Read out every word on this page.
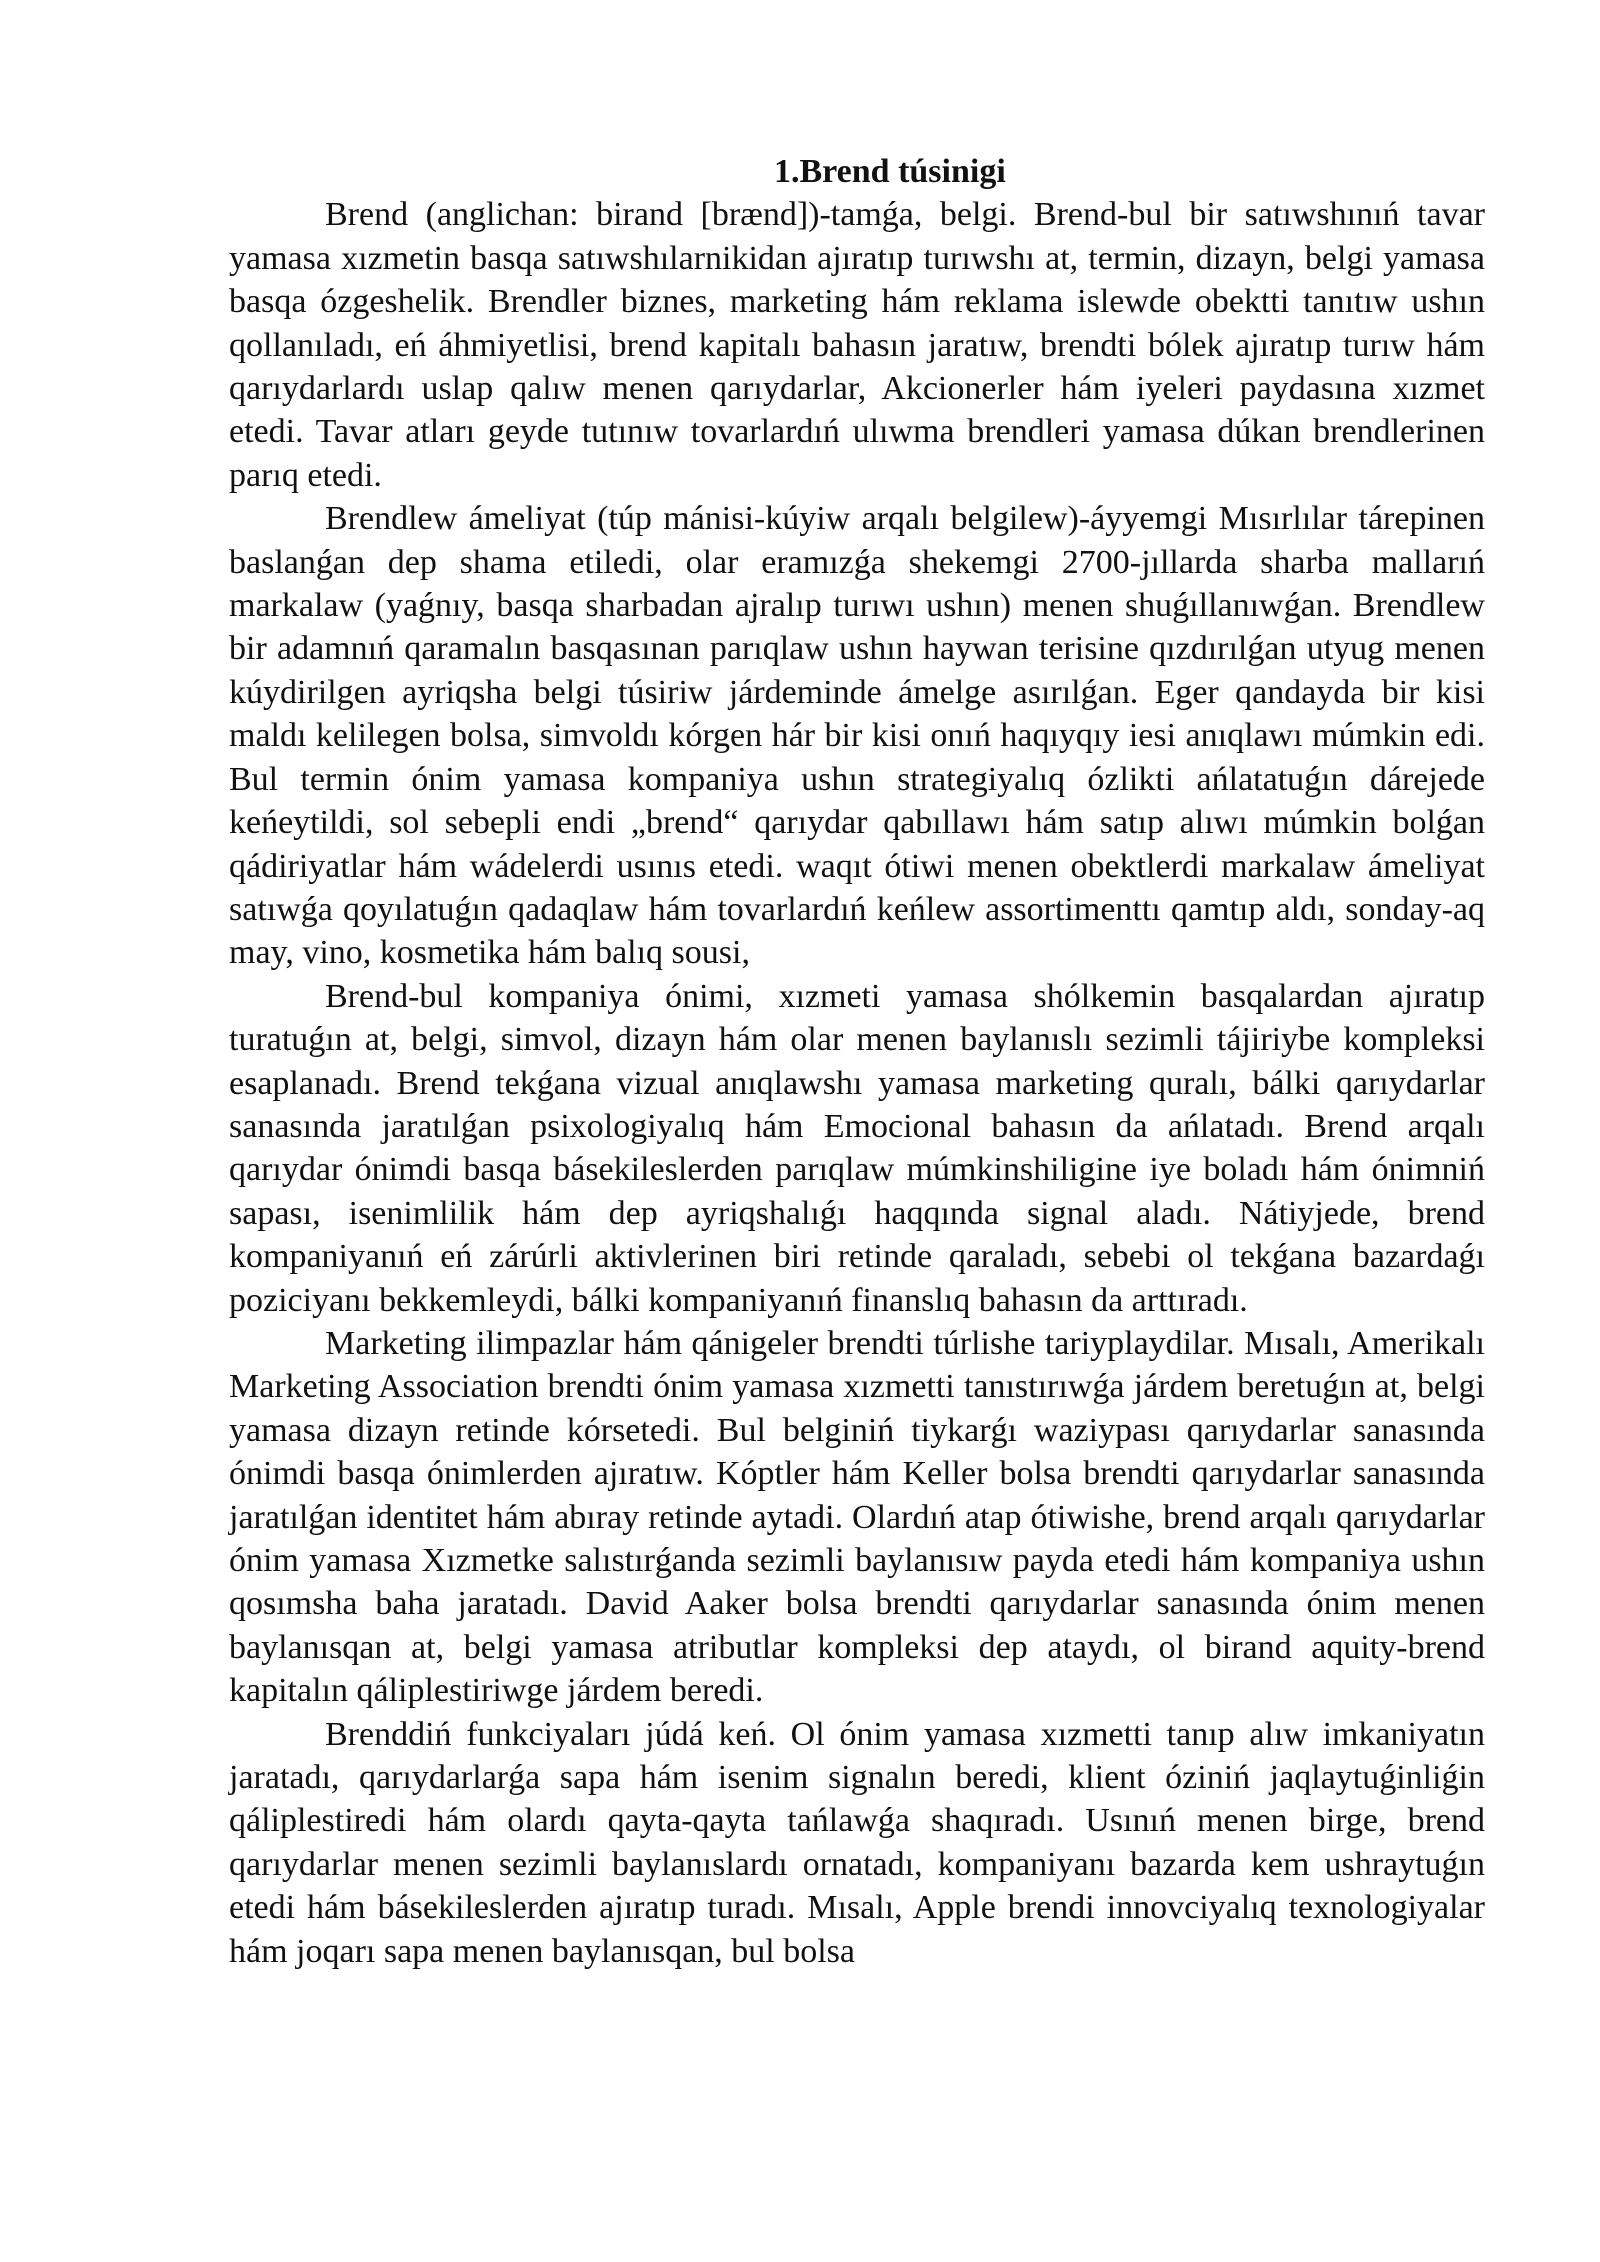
1.Brend túsinigi

Brend (anglichan: birand [brænd])-tamǵa, belgi. Brend-bul bir satıwshınıń tavar yamasa xızmetin basqa satıwshılarnikidan ajıratıp turıwshı at, termin, dizayn, belgi yamasa basqa ózgeshelik. Brendler biznes, marketing hám reklama islewde obektti tanıtıw ushın qollanıladı, eń áhmiyetlisi, brend kapitalı bahasın jaratıw, brendti bólek ajıratıp turıw hám qarıydarlardı uslap qalıw menen qarıydarlar, Akcionerler hám iyeleri paydasına xızmet etedi. Tavar atları geyde tutınıw tovarlardıń ulıwma brendleri yamasa dúkan brendlerinen parıq etedi.

Brendlew ámeliyat (túp mánisi-kúyiw arqalı belgilew)-áyyemgi Mısırlılar tárepinen baslanǵan dep shama etiledi, olar eramızǵa shekemgi 2700-jıllarda sharba mallarıń markalaw (yaǵnıy, basqa sharbadan ajralıp turıwı ushın) menen shuǵıllanıwǵan. Brendlew bir adamnıń qaramalın basqasınan parıqlaw ushın haywan terisine qızdırılǵan utyug menen kúydirilgen ayriqsha belgi túsiriw járdeminde ámelge asırılǵan. Eger qandayda bir kisi maldı kelilegen bolsa, simvoldı kórgen hár bir kisi onıń haqıyqıy iesi anıqlawı múmkin edi. Bul termin ónim yamasa kompaniya ushın strategiyalıq ózlikti ańlatatuǵın dárejede keńeytildi, sol sebepli endi „brend“ qarıydar qabıllawı hám satıp alıwı múmkin bolǵan qádiriyatlar hám wádelerdi usınıs etedi. waqıt ótiwi menen obektlerdi markalaw ámeliyat satıwǵa qoyılatuǵın qadaqlaw hám tovarlardıń keńlew assortimenttı qamtıp aldı, sonday-aq may, vino, kosmetika hám balıq sousi,

Brend-bul kompaniya ónimi, xızmeti yamasa shólkemin basqalardan ajıratıp turatuǵın at, belgi, simvol, dizayn hám olar menen baylanıslı sezimli tájiriybe kompleksi esaplanadı. Brend tekǵana vizual anıqlawshı yamasa marketing quralı, bálki qarıydarlar sanasında jaratılǵan psixologiyalıq hám Emocional bahasın da ańlatadı. Brend arqalı qarıydar ónimdi basqa básekileslerden parıqlaw múmkinshiligine iye boladı hám ónimniń sapası, isenimlilik hám dep ayriqshalıǵı haqqında signal aladı. Nátiyjede, brend kompaniyanıń eń zárúrli aktivlerinen biri retinde qaraladı, sebebi ol tekǵana bazardaǵı poziciyanı bekkemleydi, bálki kompaniyanıń finanslıq bahasın da arttıradı.

Marketing ilimpazlar hám qánigeler brendti túrlishe tariyplaydilar. Mısalı, Amerikalı Marketing Association brendti ónim yamasa xızmetti tanıstırıwǵa járdem beretuǵın at, belgi yamasa dizayn retinde kórsetedi. Bul belginiń tiykarǵı waziypası qarıydarlar sanasında ónimdi basqa ónimlerden ajıratıw. Kóptler hám Keller bolsa brendti qarıydarlar sanasında jaratılǵan identitet hám abıray retinde aytadi. Olardıń atap ótiwishe, brend arqalı qarıydarlar ónim yamasa Xızmetke salıstırǵanda sezimli baylanısıw payda etedi hám kompaniya ushın qosımsha baha jaratadı. David Aaker bolsa brendti qarıydarlar sanasında ónim menen baylanısqan at, belgi yamasa atributlar kompleksi dep ataydı, ol birand aquity-brend kapitalın qáliplestiriwge járdem beredi.

Brenddiń funkciyaları júdá keń. Ol ónim yamasa xızmetti tanıp alıw imkaniyatın jaratadı, qarıydarlarǵa sapa hám isenim signalın beredi, klient óziniń jaqlaytuǵinliǵin qáliplestiredi hám olardı qayta-qayta tańlawǵa shaqıradı. Usınıń menen birge, brend qarıydarlar menen sezimli baylanıslardı ornatadı, kompaniyanı bazarda kem ushraytuǵın etedi hám básekileslerden ajıratıp turadı. Mısalı, Apple brendi innovciyalıq texnologiyalar hám joqarı sapa menen baylanısqan, bul bolsa
